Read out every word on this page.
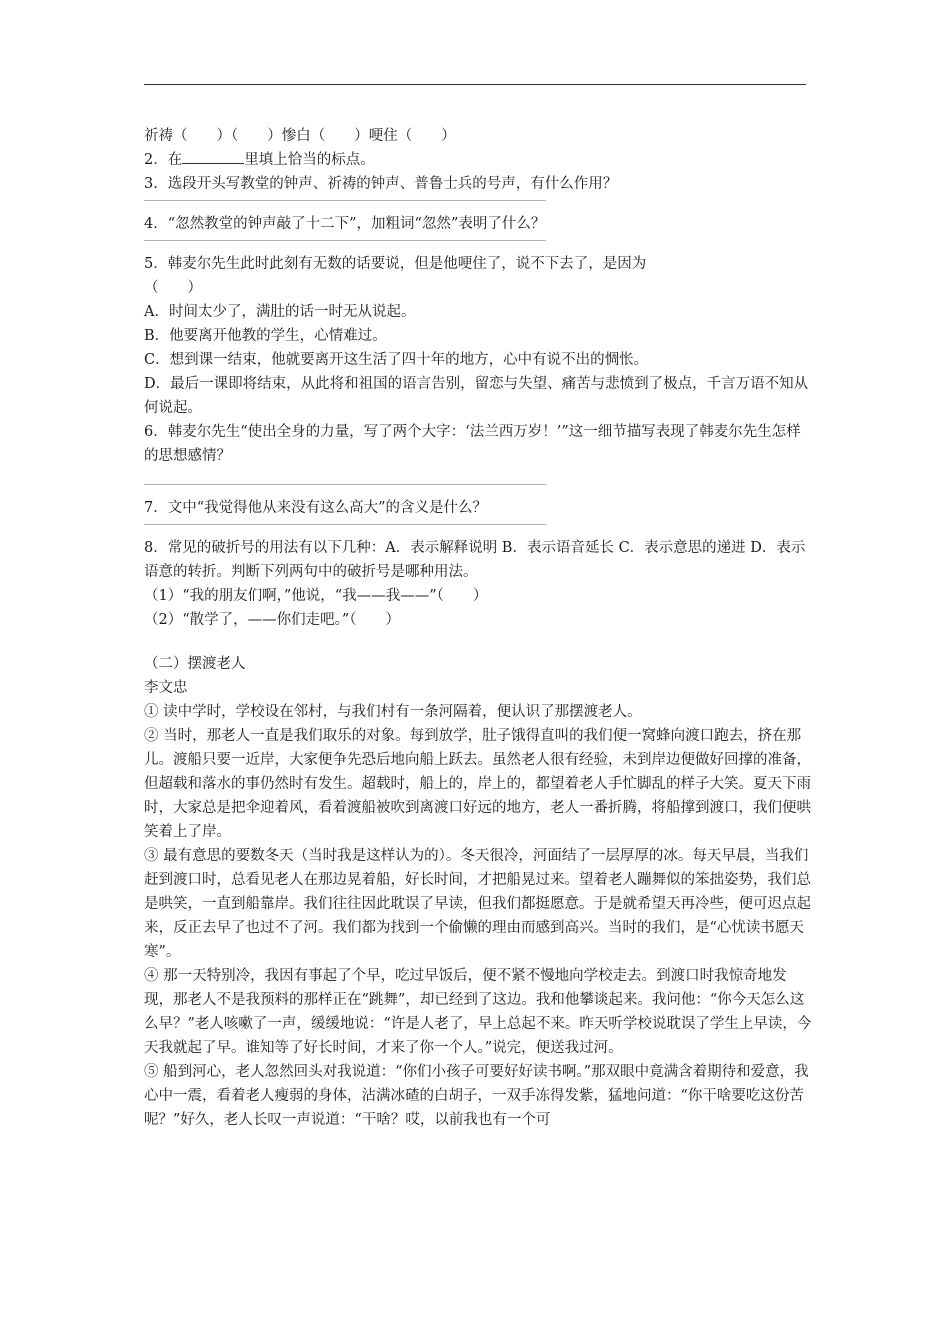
祈祷（　　）（　　）惨白（　　）哽住（　　）
2．在	里填上恰当的标点。
3．选段开头写教堂的钟声、祈祷的钟声、普鲁士兵的号声，有什么作用？
4．“忽然教堂的钟声敲了十二下”，加粗词“忽然”表明了什么？
5．韩麦尔先生此时此刻有无数的话要说，但是他哽住了，说不下去了，是因为
（　　）
A．时间太少了，满肚的话一时无从说起。
B．他要离开他教的学生，心情难过。
C．想到课一结束，他就要离开这生活了四十年的地方，心中有说不出的惆怅。

D．最后一课即将结束，从此将和祖国的语言告别，留恋与失望、痛苦与悲愤到了极点，千言万语不知从何说起。

6．韩麦尔先生“使出全身的力量，写了两个大字：‘法兰西万岁！’”这一细节描写表现了韩麦尔先生怎样的思想感情？

7．文中“我觉得他从来没有这么高大”的含义是什么？

8．常见的破折号的用法有以下几种：A．表示解释说明 B．表示语音延长 C．表示意思的递进 D．表示语意的转折。判断下列两句中的破折号是哪种用法。

（1）“我的朋友们啊，”他说，“我——我——”（　　）
（2）“散学了，——你们走吧。”（　　）
（二）摆渡老人
李文忠

① 读中学时，学校设在邻村，与我们村有一条河隔着，便认识了那摆渡老人。

② 当时，那老人一直是我们取乐的对象。每到放学，肚子饿得直叫的我们便一窝蜂向渡口跑去，挤在那儿。渡船只要一近岸，大家便争先恐后地向船上跃去。虽然老人很有经验，未到岸边便做好回撑的准备，但超载和落水的事仍然时有发生。超载时，船上的，岸上的，都望着老人手忙脚乱的样子大笑。夏天下雨时，大家总是把伞迎着风，看着渡船被吹到离渡口好远的地方，老人一番折腾，将船撑到渡口，我们便哄笑着上了岸。

③ 最有意思的要数冬天（当时我是这样认为的）。冬天很冷，河面结了一层厚厚的冰。每天早晨，当我们赶到渡口时，总看见老人在那边晃着船，好长时间，才把船晃过来。望着老人蹦舞似的笨拙姿势，我们总是哄笑，一直到船靠岸。我们往往因此耽误了早读，但我们都挺愿意。于是就希望天再冷些，便可迟点起来，反正去早了也过不了河。我们都为找到一个偷懒的理由而感到高兴。当时的我们，是“心忧读书愿天寒”。

④ 那一天特别冷，我因有事起了个早，吃过早饭后，便不紧不慢地向学校走去。到渡口时我惊奇地发现，那老人不是我预料的那样正在“跳舞”，却已经到了这边。我和他攀谈起来。我问他：“你今天怎么这么早？”老人咳嗽了一声，缓缓地说：“许是人老了，早上总起不来。昨天听学校说耽误了学生上早读，今天我就起了早。谁知等了好长时间，才来了你一个人。”说完，便送我过河。

⑤ 船到河心，老人忽然回头对我说道：“你们小孩子可要好好读书啊。”那双眼中竟满含着期待和爱意，我心中一震，看着老人瘦弱的身体，沾满冰碴的白胡子，一双手冻得发紫，猛地问道：“你干啥要吃这份苦呢？”好久，老人长叹一声说道：“干啥？哎，以前我也有一个可
